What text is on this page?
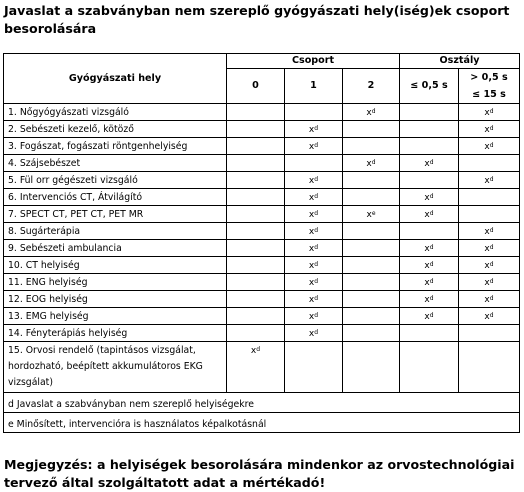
Javaslat a szabványban nem szereplő gyógyászati hely(iség)ek csoport besorolására
Gyógyászati hely	Csoport			Osztály	
	0	1	2	≤ 0,5 s	> 0,5 s
					≤ 15 s
1. Nőgyógyászati vizsgáló			$x^d$		$x^d$
2. Sebészeti kezelő, kötöző		$x^d$			$x^d$
3. Fogászat, fogászati röntgenhelyiség		$x^d$			$x^d$
4. Szájsebészet			$x^d$	$x^d$	
5. Fül orr gégészeti vizsgáló		$x^d$			$x^d$
6. Intervenciós CT, Átvilágító		$x^d$		$x^d$	
7. SPECT CT, PET CT, PET MR		$x^d$	$x^e$	$x^d$	
8. Sugárterápia		$x^d$			$x^d$
9. Sebészeti ambulancia		$x^d$		$x^d$	$x^d$
10. CT helyiség		$x^d$		$x^d$	$x^d$
11. ENG helyiség		$x^d$		$x^d$	$x^d$
12. EOG helyiség		$x^d$		$x^d$	$x^d$
13. EMG helyiség		$x^d$		$x^d$	$x^d$
14. Fényterápiás helyiség		$x^d$			

15. Orvosi rendelő (tapintásos vizsgálat,
hordozható, beépített akkumulátoros EKG
vizsgálat)	$x^d$				
d Javaslat a szabványban nem szereplő helyiségekre					
e Minősített, intervencióra is használatos képalkotásnál					
Megjegyzés: a helyiségek besorolására mindenkor az orvostechnológiai tervező által szolgáltatott adat a mértékadó!
